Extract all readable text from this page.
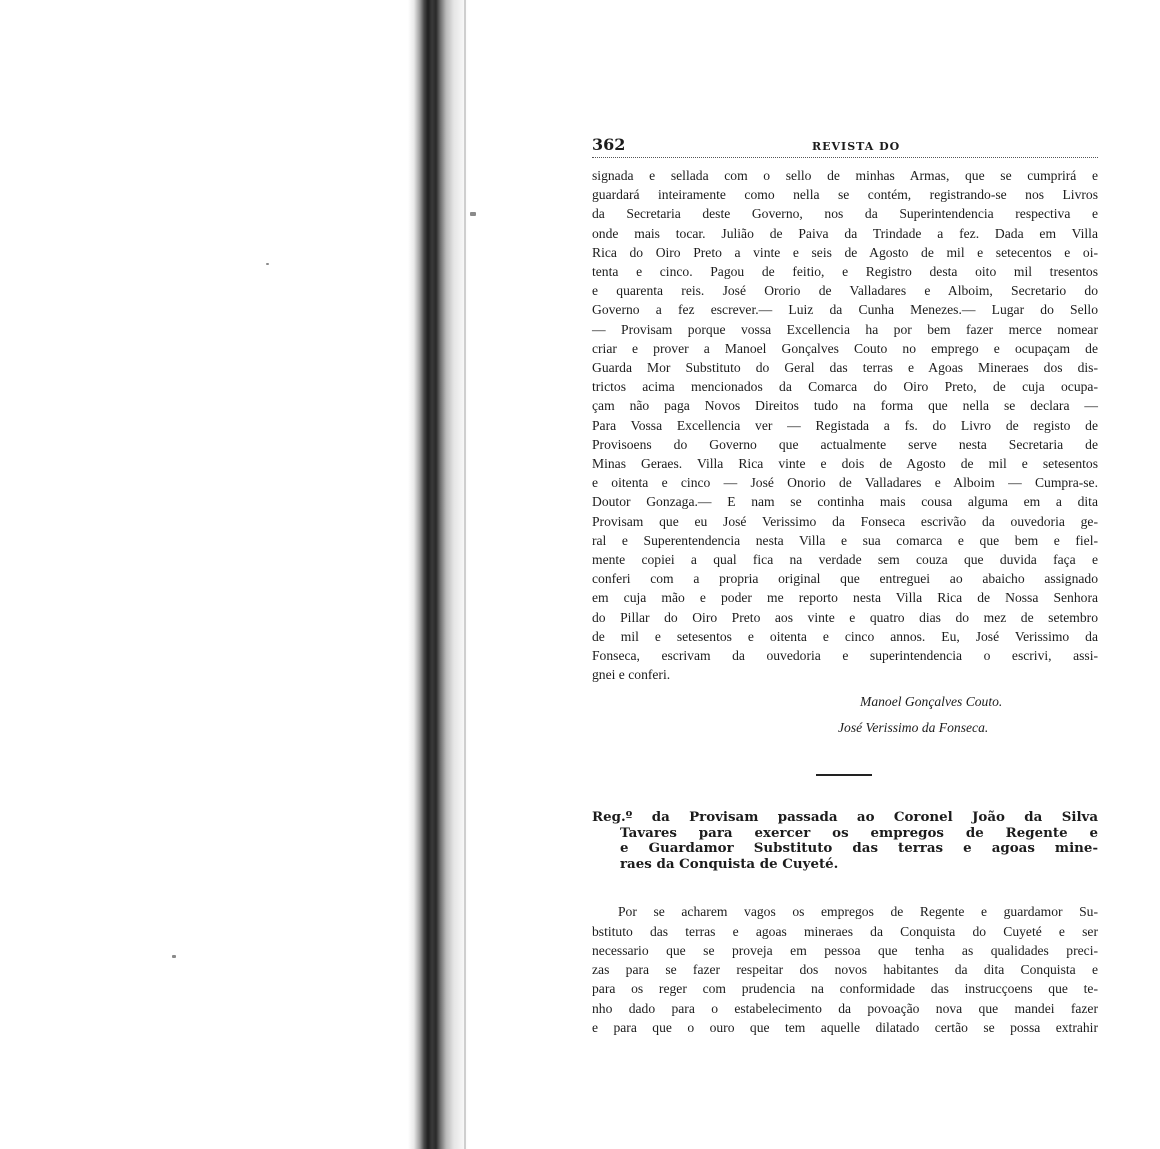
362	REVISTA DO
signada e sellada com o sello de minhas Armas, que se cumprirá e
guardará inteiramente como nella se contém, registrando-se nos Livros
da Secretaria deste Governo, nos da Superintendencia respectiva e
onde mais tocar. Julião de Paiva da Trindade a fez. Dada em Villa
Rica do Oiro Preto a vinte e seis de Agosto de mil e setecentos e oi-
tenta e cinco. Pagou de feitio, e Registro desta oito mil tresentos
e quarenta reis. José Ororio de Valladares e Alboim, Secretario do
Governo a fez escrever.— Luiz da Cunha Menezes.— Lugar do Sello
— Provisam porque vossa Excellencia ha por bem fazer merce nomear
criar e prover a Manoel Gonçalves Couto no emprego e ocupaçam de
Guarda Mor Substituto do Geral das terras e Agoas Mineraes dos dis-
trictos acima mencionados da Comarca do Oiro Preto, de cuja ocupa-
çam não paga Novos Direitos tudo na forma que nella se declara —
Para Vossa Excellencia ver — Registada a fs. do Livro de registo de
Provisoens do Governo que actualmente serve nesta Secretaria de
Minas Geraes. Villa Rica vinte e dois de Agosto de mil e setesentos
e oitenta e cinco — José Onorio de Valladares e Alboim — Cumpra-se.
Doutor Gonzaga.— E nam se continha mais cousa alguma em a dita
Provisam que eu José Verissimo da Fonseca escrivão da ouvedoria ge-
ral e Superentendencia nesta Villa e sua comarca e que bem e fiel-
mente copiei a qual fica na verdade sem couza que duvida faça e
conferi com a propria original que entreguei ao abaicho assignado
em cuja mão e poder me reporto nesta Villa Rica de Nossa Senhora
do Pillar do Oiro Preto aos vinte e quatro dias do mez de setembro
de mil e setesentos e oitenta e cinco annos. Eu, José Verissimo da
Fonseca, escrivam da ouvedoria e superintendencia o escrivi, assi-
gnei e conferi.
Manoel Gonçalves Couto.
José Verissimo da Fonseca.
Reg.º da Provisam passada ao Coronel João da Silva
Tavares para exercer os empregos de Regente e
e Guardamor Substituto das terras e agoas mine-
raes da Conquista de Cuyeté.
Por se acharem vagos os empregos de Regente e guardamor Su-
bstituto das terras e agoas mineraes da Conquista do Cuyeté e ser
necessario que se proveja em pessoa que tenha as qualidades preci-
zas para se fazer respeitar dos novos habitantes da dita Conquista e
para os reger com prudencia na conformidade das instrucçoens que te-
nho dado para o estabelecimento da povoação nova que mandei fazer
e para que o ouro que tem aquelle dilatado certão se possa extrahir
